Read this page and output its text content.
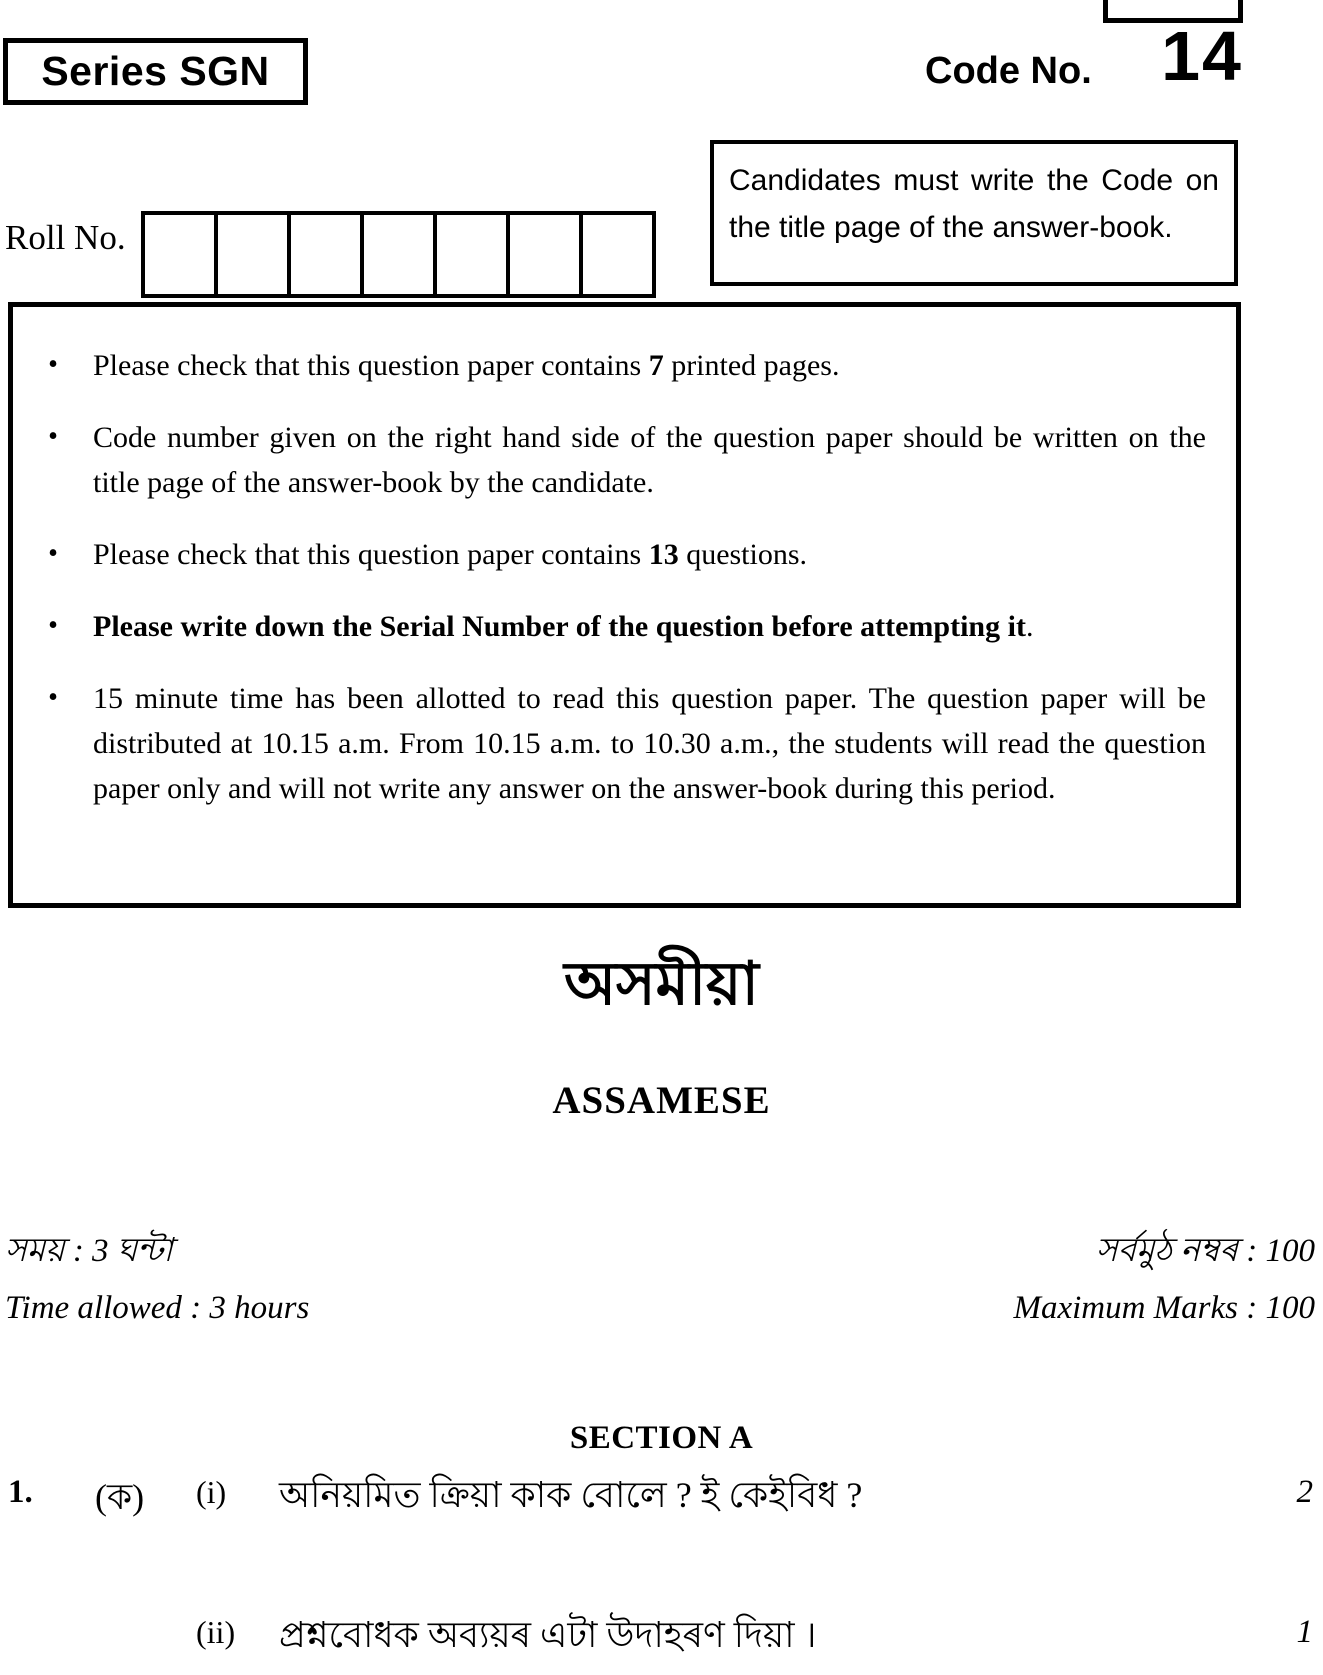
Series SGN	Code No. 14
Candidates must write the Code on the title page of the answer-book.
Roll No.
•	Please check that this question paper contains 7 printed pages.
•	Code number given on the right hand side of the question paper should be written on the title page of the answer-book by the candidate.
•	Please check that this question paper contains 13 questions.
•	Please write down the Serial Number of the question before attempting it.
•	15 minute time has been allotted to read this question paper. The question paper will be distributed at 10.15 a.m. From 10.15 a.m. to 10.30 a.m., the students will read the question paper only and will not write any answer on the answer-book during this period.
অসমীয়া
ASSAMESE
সময় : 3 ঘন্টা	সৰ্বমুঠ নম্বৰ : 100
Time allowed : 3 hours	Maximum Marks : 100
SECTION A
1.	(ক)	(i)	অনিয়মিত ক্ৰিয়া কাক বোলে ? ই কেইবিধ ?	2
(ii)	প্ৰশ্নবোধক অব্যয়ৰ এটা উদাহৰণ দিয়া ।	1
